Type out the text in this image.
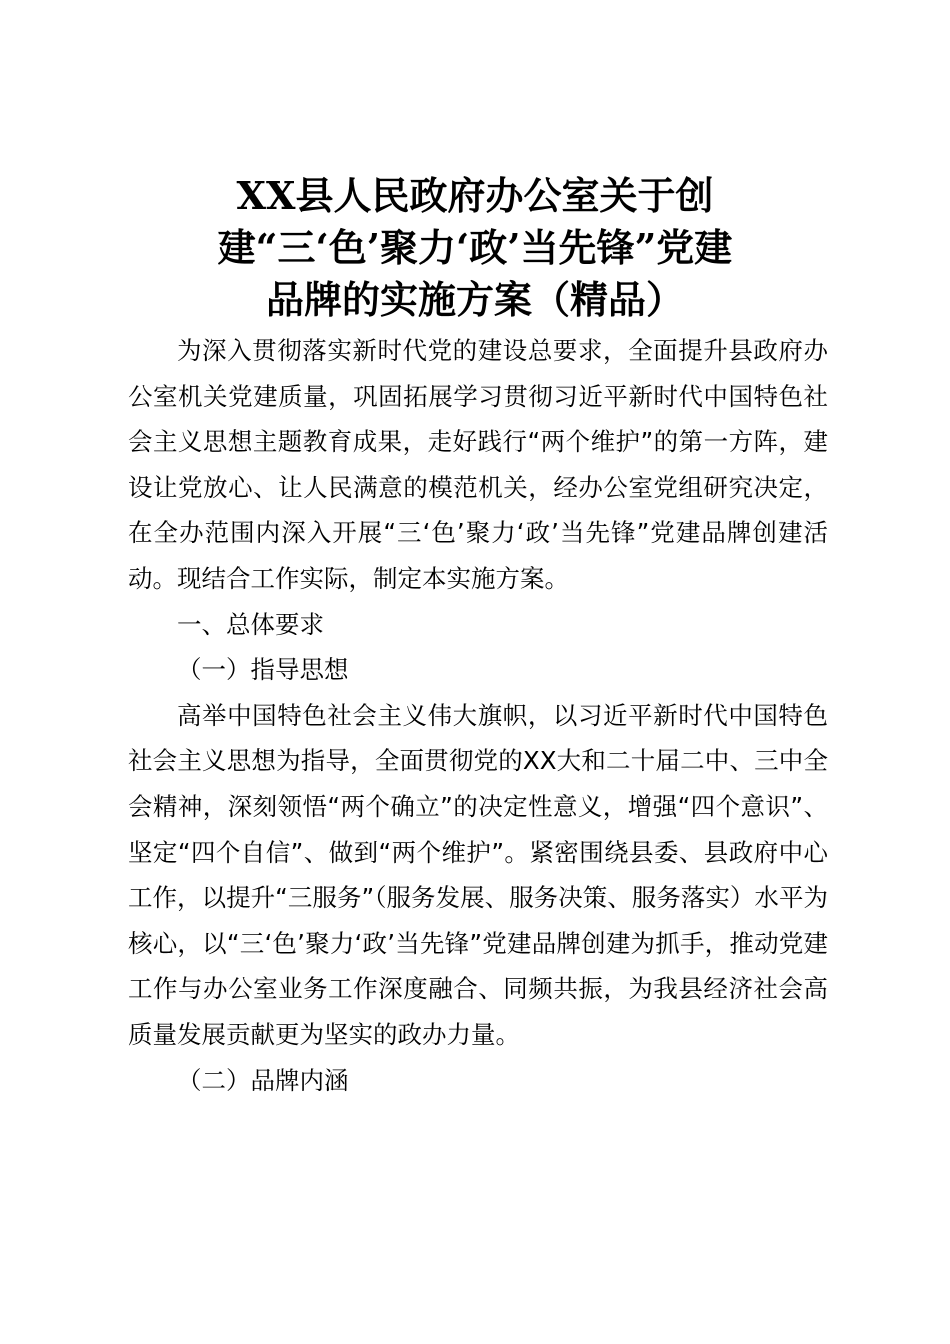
XX县人民政府办公室关于创
建“三‘色’聚力‘政’当先锋”党建
品牌的实施方案（精品）

为深入贯彻落实新时代党的建设总要求，全面提升县政府办公室机关党建质量，巩固拓展学习贯彻习近平新时代中国特色社会主义思想主题教育成果，走好践行“两个维护”的第一方阵，建设让党放心、让人民满意的模范机关，经办公室党组研究决定，在全办范围内深入开展“三‘色’聚力‘政’当先锋”党建品牌创建活动。现结合工作实际，制定本实施方案。

一、总体要求

（一）指导思想

高举中国特色社会主义伟大旗帜，以习近平新时代中国特色社会主义思想为指导，全面贯彻党的XX大和二十届二中、三中全会精神，深刻领悟“两个确立”的决定性意义，增强“四个意识”、坚定“四个自信”、做到“两个维护”。紧密围绕县委、县政府中心工作，以提升“三服务”（服务发展、服务决策、服务落实）水平为核心，以“三‘色’聚力‘政’当先锋”党建品牌创建为抓手，推动党建工作与办公室业务工作深度融合、同频共振，为我县经济社会高质量发展贡献更为坚实的政办力量。

（二）品牌内涵
